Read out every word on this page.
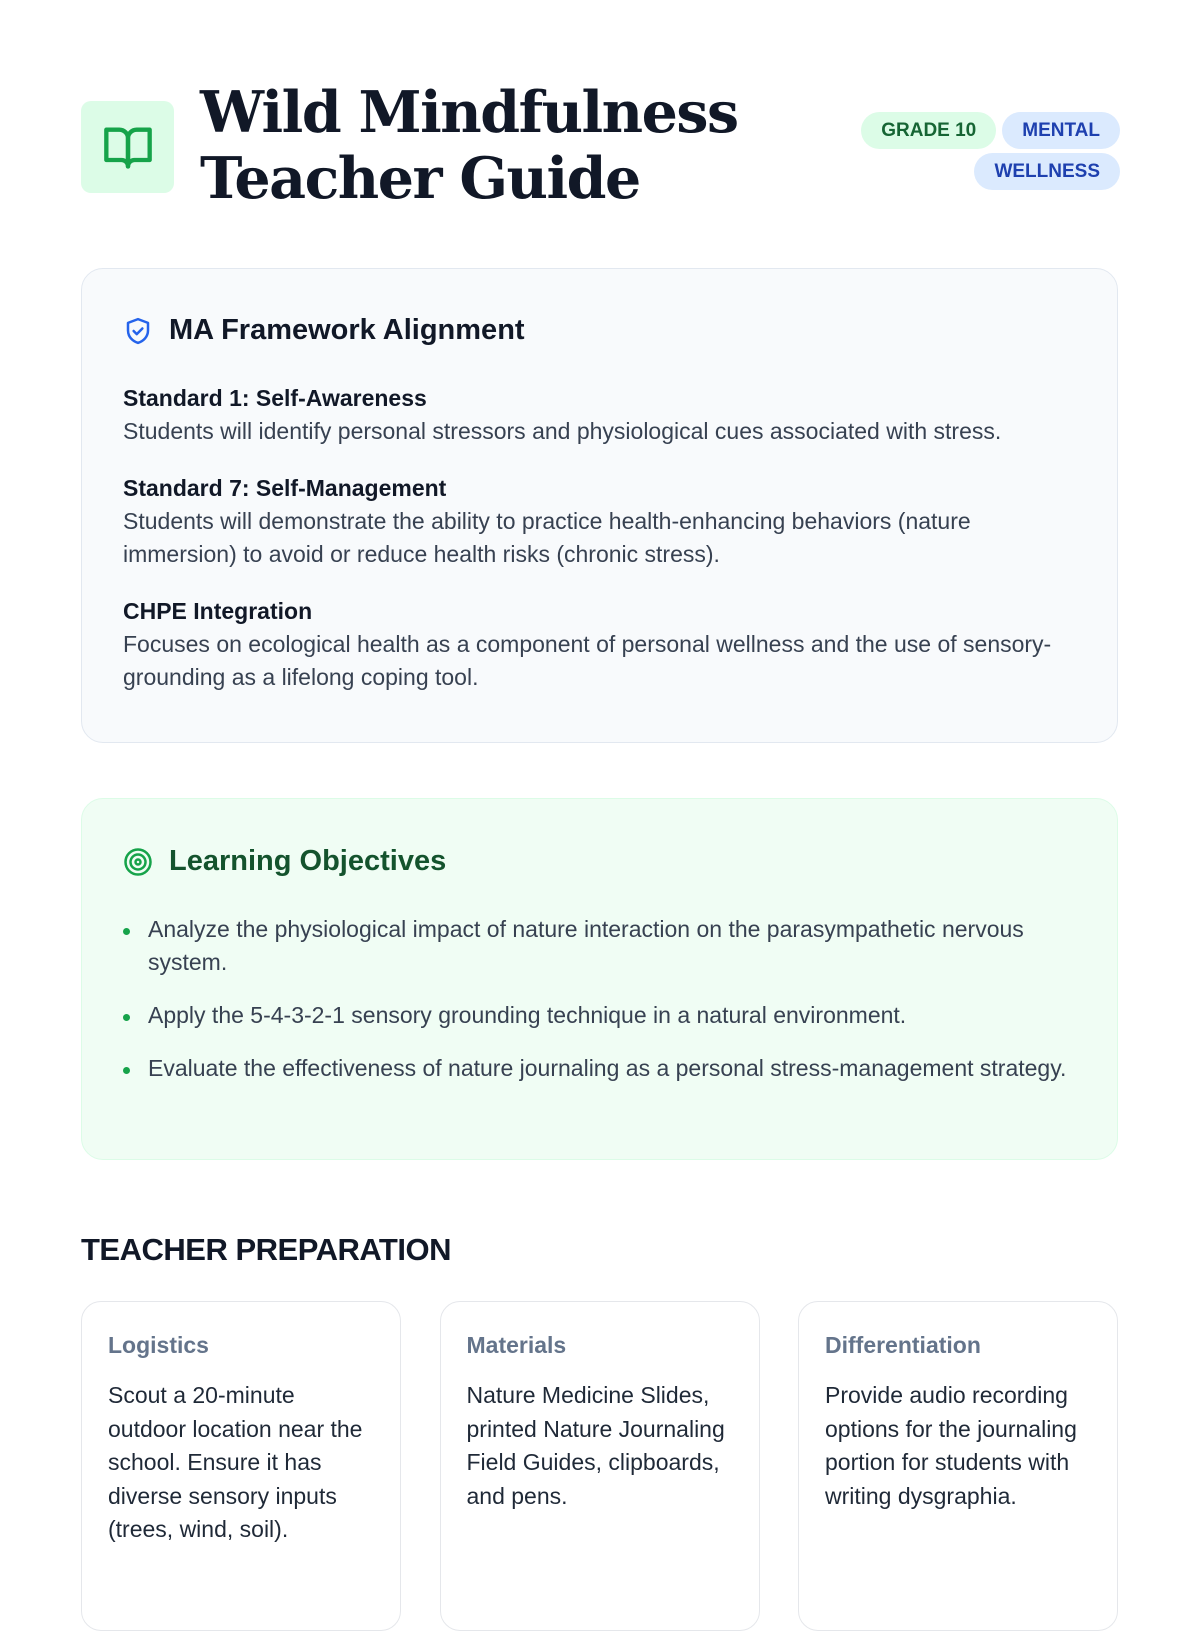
Wild Mindfulness Teacher Guide
GRADE 10 MENTAL WELLNESS
MA Framework Alignment
Standard 1: Self-Awareness
Students will identify personal stressors and physiological cues associated with stress.
Standard 7: Self-Management
Students will demonstrate the ability to practice health-enhancing behaviors (nature immersion) to avoid or reduce health risks (chronic stress).
CHPE Integration
Focuses on ecological health as a component of personal wellness and the use of sensory-grounding as a lifelong coping tool.
Learning Objectives
Analyze the physiological impact of nature interaction on the parasympathetic nervous system.
Apply the 5-4-3-2-1 sensory grounding technique in a natural environment.
Evaluate the effectiveness of nature journaling as a personal stress-management strategy.
TEACHER PREPARATION
Logistics
Scout a 20-minute outdoor location near the school. Ensure it has diverse sensory inputs (trees, wind, soil).
Materials
Nature Medicine Slides, printed Nature Journaling Field Guides, clipboards, and pens.
Differentiation
Provide audio recording options for the journaling portion for students with writing dysgraphia.
